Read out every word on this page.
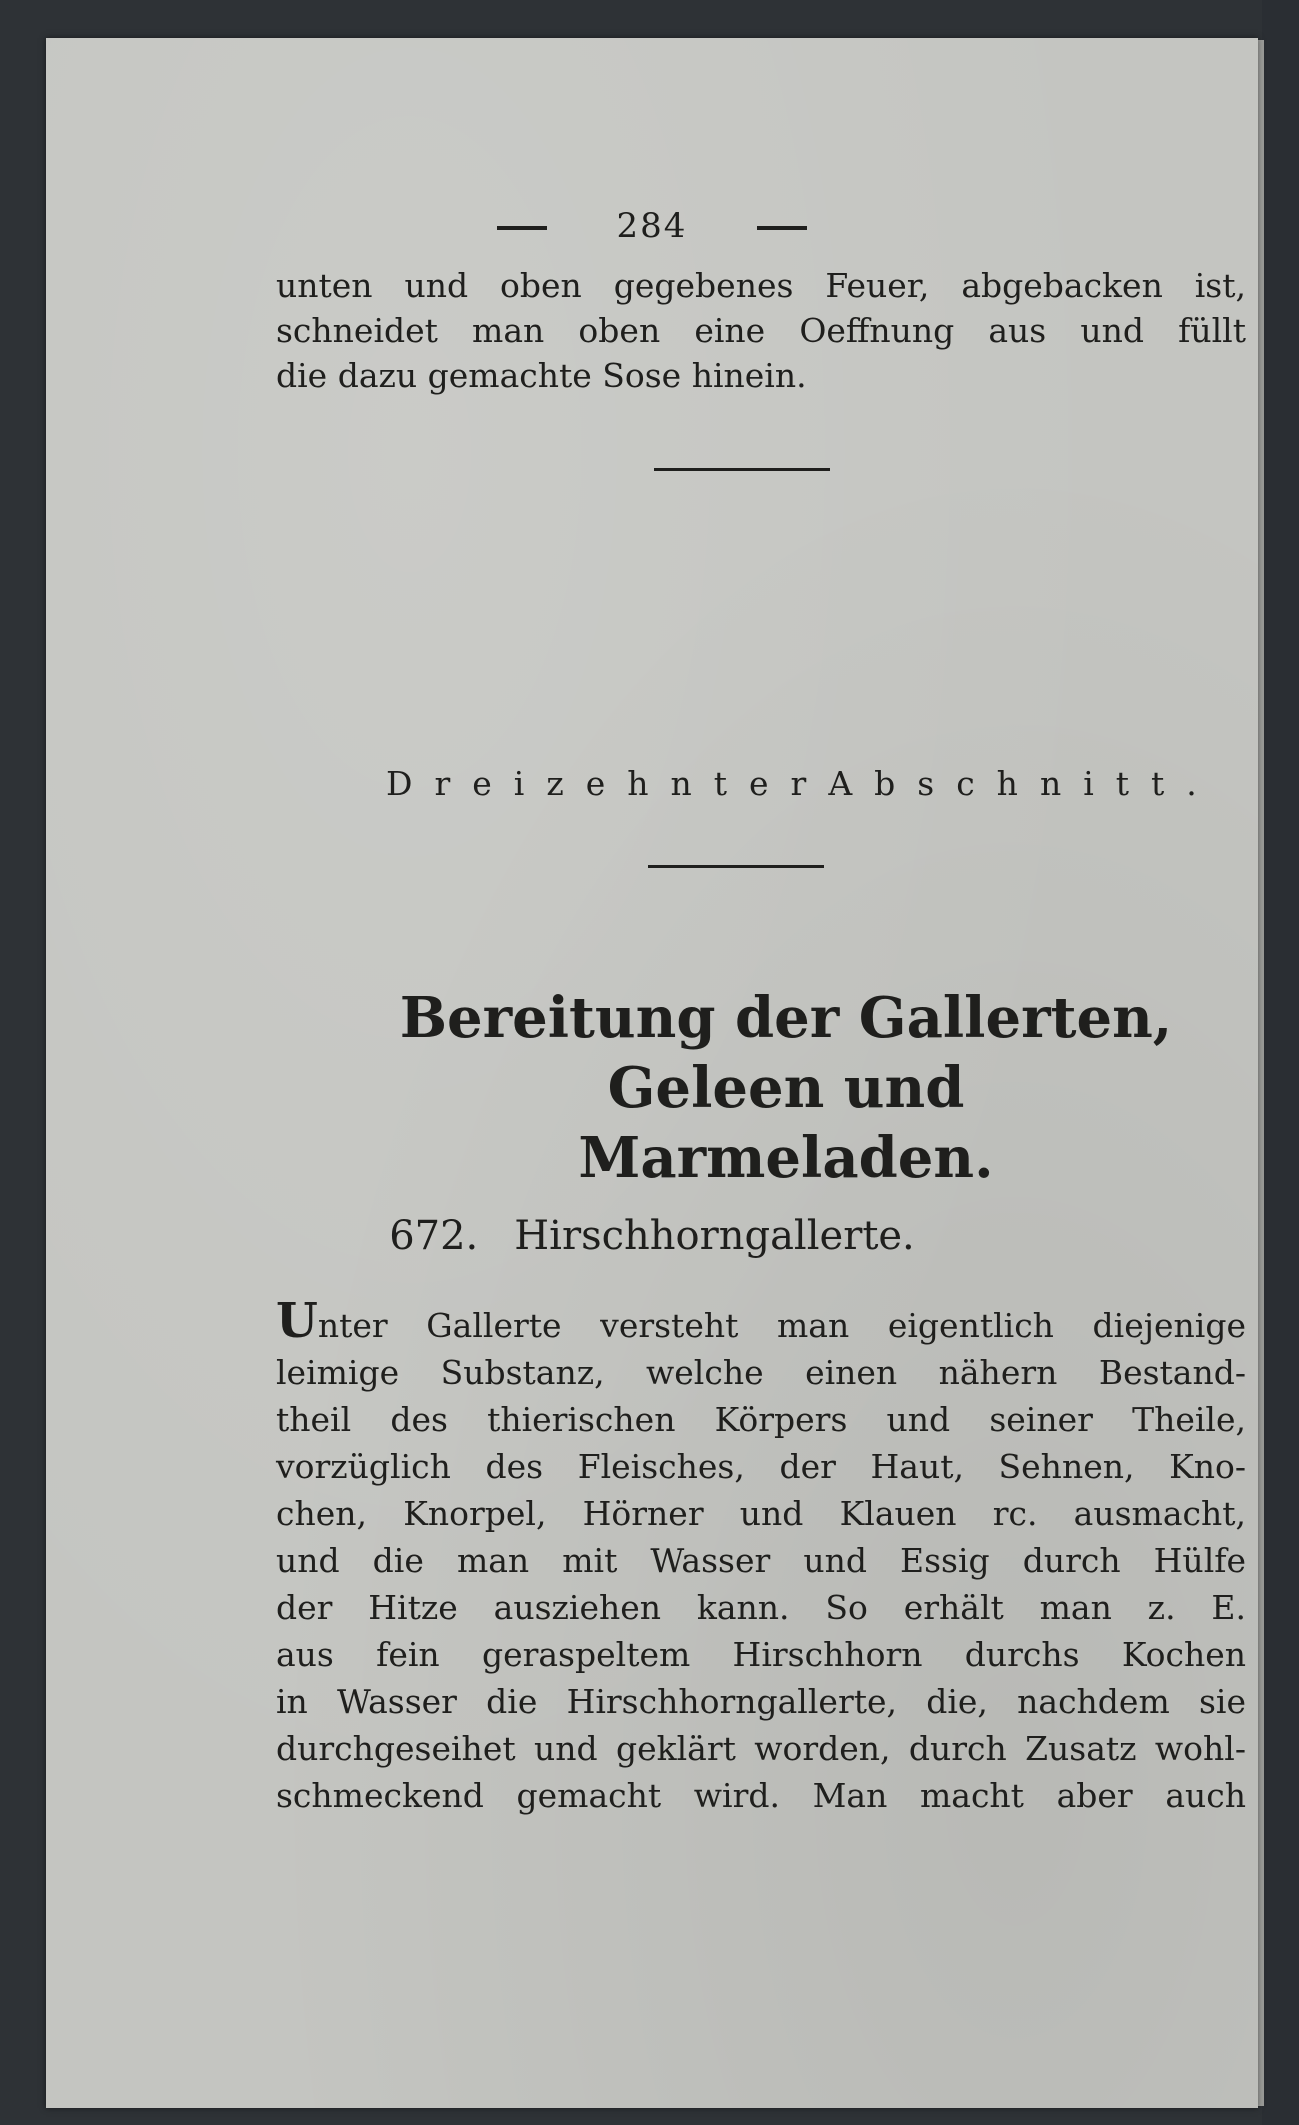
284
unten und oben gegebenes Feuer, abgebacken ist,
schneidet man oben eine Oeffnung aus und füllt
die dazu gemachte Sose hinein.
Dreizehnter Abschnitt.
Bereitung der Gallerten, Geleen und
Marmeladen.
672. Hirschhorngallerte.
Unter Gallerte versteht man eigentlich diejenige
leimige Substanz, welche einen nähern Bestand-
theil des thierischen Körpers und seiner Theile,
vorzüglich des Fleisches, der Haut, Sehnen, Kno-
chen, Knorpel, Hörner und Klauen rc. ausmacht,
und die man mit Wasser und Essig durch Hülfe
der Hitze ausziehen kann. So erhält man z. E.
aus fein geraspeltem Hirschhorn durchs Kochen
in Wasser die Hirschhorngallerte, die, nachdem sie
durchgeseihet und geklärt worden, durch Zusatz wohl-
schmeckend gemacht wird. Man macht aber auch
